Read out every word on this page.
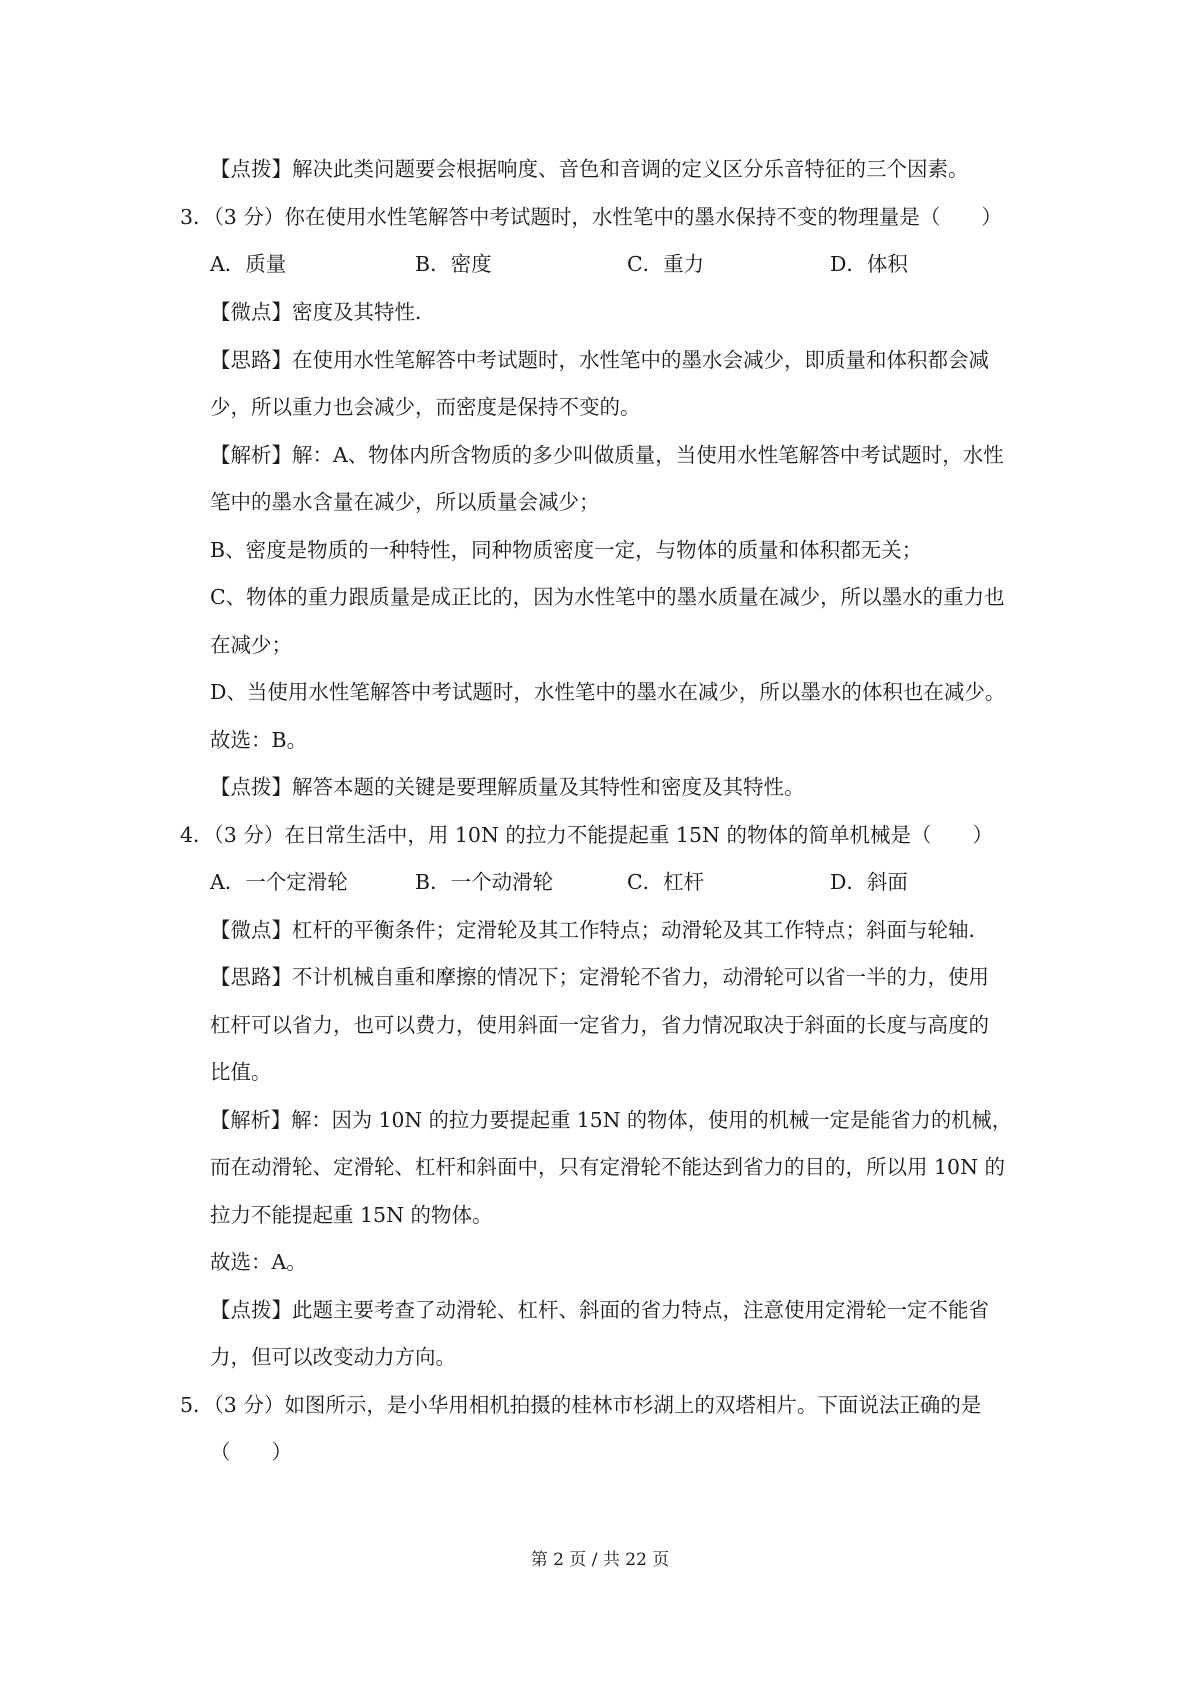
【点拨】解决此类问题要会根据响度、音色和音调的定义区分乐音特征的三个因素。
3．（3 分）你在使用水性笔解答中考试题时，水性笔中的墨水保持不变的物理量是（　　）
A．质量	B．密度	C．重力	D．体积
【微点】密度及其特性．
【思路】在使用水性笔解答中考试题时，水性笔中的墨水会减少，即质量和体积都会减
少，所以重力也会减少，而密度是保持不变的。
【解析】解：A、物体内所含物质的多少叫做质量，当使用水性笔解答中考试题时，水性
笔中的墨水含量在减少，所以质量会减少；
B、密度是物质的一种特性，同种物质密度一定，与物体的质量和体积都无关；
C、物体的重力跟质量是成正比的，因为水性笔中的墨水质量在减少，所以墨水的重力也
在减少；
D、当使用水性笔解答中考试题时，水性笔中的墨水在减少，所以墨水的体积也在减少。
故选：B。
【点拨】解答本题的关键是要理解质量及其特性和密度及其特性。
4．（3 分）在日常生活中，用 10N 的拉力不能提起重 15N 的物体的简单机械是（　　）
A．一个定滑轮	B．一个动滑轮	C．杠杆	D．斜面
【微点】杠杆的平衡条件；定滑轮及其工作特点；动滑轮及其工作特点；斜面与轮轴．
【思路】不计机械自重和摩擦的情况下；定滑轮不省力，动滑轮可以省一半的力，使用
杠杆可以省力，也可以费力，使用斜面一定省力，省力情况取决于斜面的长度与高度的
比值。
【解析】解：因为 10N 的拉力要提起重 15N 的物体，使用的机械一定是能省力的机械，
而在动滑轮、定滑轮、杠杆和斜面中，只有定滑轮不能达到省力的目的，所以用 10N 的
拉力不能提起重 15N 的物体。
故选：A。
【点拨】此题主要考查了动滑轮、杠杆、斜面的省力特点，注意使用定滑轮一定不能省
力，但可以改变动力方向。
5．（3 分）如图所示，是小华用相机拍摄的桂林市杉湖上的双塔相片。下面说法正确的是
（　　）
第 2 页 / 共 22 页
